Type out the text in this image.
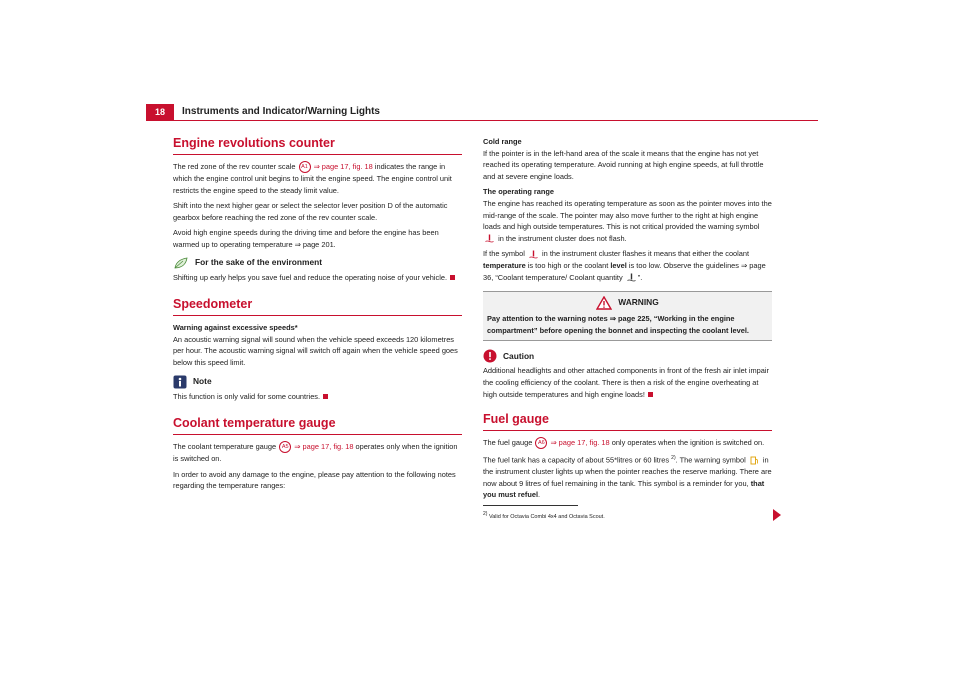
18	Instruments and Indicator/Warning Lights
Engine revolutions counter

The red zone of the rev counter scale A1 ⇒ page 17, fig. 18 indicates the range in which the engine control unit begins to limit the engine speed. The engine control unit restricts the engine speed to the steady limit value.

Shift into the next higher gear or select the selector lever position D of the automatic gearbox before reaching the red zone of the rev counter scale.

Avoid high engine speeds during the driving time and before the engine has been warmed up to operating temperature ⇒ page 201.

For the sake of the environment

Shifting up early helps you save fuel and reduce the operating noise of your vehicle.

Speedometer

Warning against excessive speeds*

An acoustic warning signal will sound when the vehicle speed exceeds 120 kilometres per hour. The acoustic warning signal will switch off again when the vehicle speed goes below this speed limit.

Note

This function is only valid for some countries.

Coolant temperature gauge

The coolant temperature gauge A5 ⇒ page 17, fig. 18 operates only when the ignition is switched on.

In order to avoid any damage to the engine, please pay attention to the following notes regarding the temperature ranges:

Cold range

If the pointer is in the left-hand area of the scale it means that the engine has not yet reached its operating temperature. Avoid running at high engine speeds, at full throttle and at severe engine loads.

The operating range

The engine has reached its operating temperature as soon as the pointer moves into the mid-range of the scale. The pointer may also move further to the right at high engine loads and high outside temperatures. This is not critical provided the warning symbol  in the instrument cluster does not flash.

If the symbol in the instrument cluster flashes it means that either the coolant temperature is too high or the coolant level is too low. Observe the guidelines ⇒ page 36, “Coolant temperature/ Coolant quantity ”.

WARNING

Pay attention to the warning notes ⇒ page 225, “Working in the engine compartment” before opening the bonnet and inspecting the coolant level.

Caution

Additional headlights and other attached components in front of the fresh air inlet impair the cooling efficiency of the coolant. There is then a risk of the engine overheating at high outside temperatures and high engine loads!

Fuel gauge

The fuel gauge A6 ⇒ page 17, fig. 18 only operates when the ignition is switched on.

The fuel tank has a capacity of about 55*litres or 60 litres $^{2)}$. The warning symbol in the instrument cluster lights up when the pointer reaches the reserve marking. There are now about 9 litres of fuel remaining in the tank. This symbol is a reminder for you, that you must refuel.

$^{2)}$ Valid for Octavia Combi 4x4 and Octavia Scout.
